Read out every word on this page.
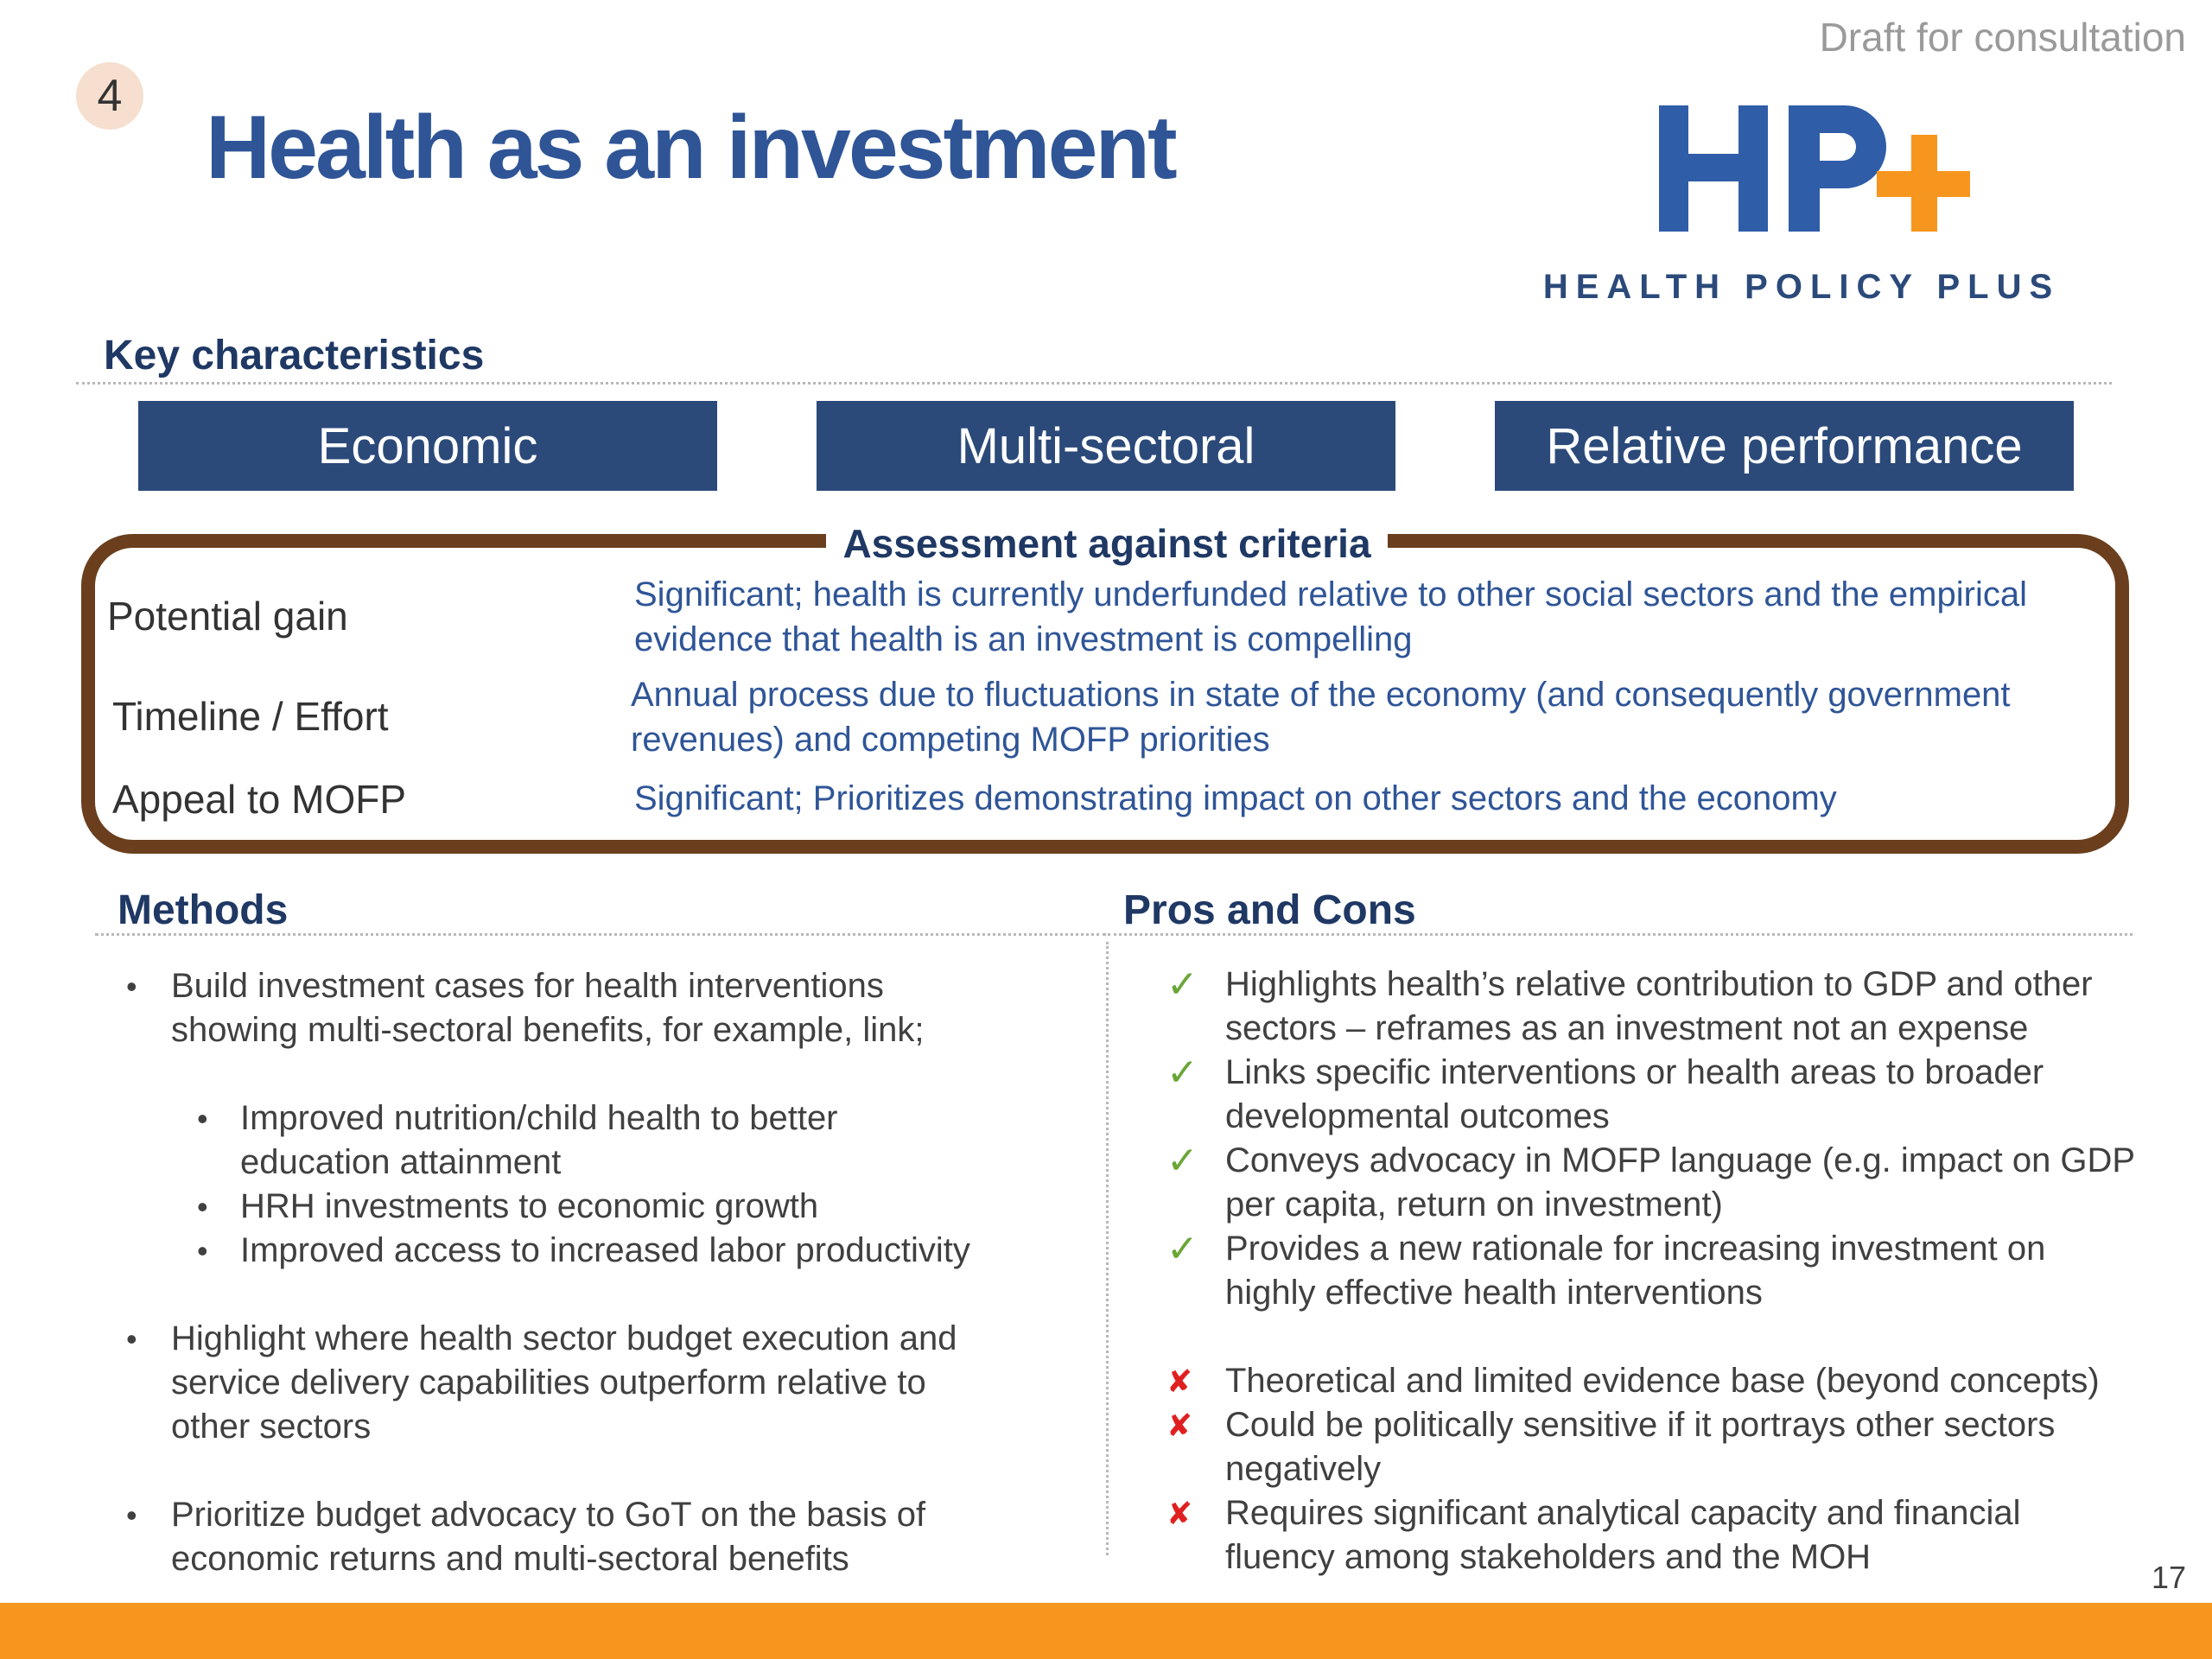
Draft for consultation
4
Health as an investment
HEALTH POLICY PLUS
Key characteristics
Economic	Multi-sectoral	Relative performance
Assessment against criteria
Potential gain	Significant; health is currently underfunded relative to other social sectors and the empirical
evidence that health is an investment is compelling
Timeline / Effort	Annual process due to fluctuations in state of the economy (and consequently government
revenues) and competing MOFP priorities
Appeal to MOFP	Significant; Prioritizes demonstrating impact on other sectors and the economy
Methods
• Build investment cases for health interventions
showing multi-sectoral benefits, for example, link;
• Improved nutrition/child health to better
education attainment
• HRH investments to economic growth
• Improved access to increased labor productivity
• Highlight where health sector budget execution and
service delivery capabilities outperform relative to
other sectors
• Prioritize budget advocacy to GoT on the basis of
economic returns and multi-sectoral benefits
Pros and Cons
✓ Highlights health’s relative contribution to GDP and other
sectors – reframes as an investment not an expense
✓ Links specific interventions or health areas to broader
developmental outcomes
✓ Conveys advocacy in MOFP language (e.g. impact on GDP
per capita, return on investment)
✓ Provides a new rationale for increasing investment on
highly effective health interventions
✘ Theoretical and limited evidence base (beyond concepts)
✘ Could be politically sensitive if it portrays other sectors
negatively
✘ Requires significant analytical capacity and financial
fluency among stakeholders and the MOH
17
